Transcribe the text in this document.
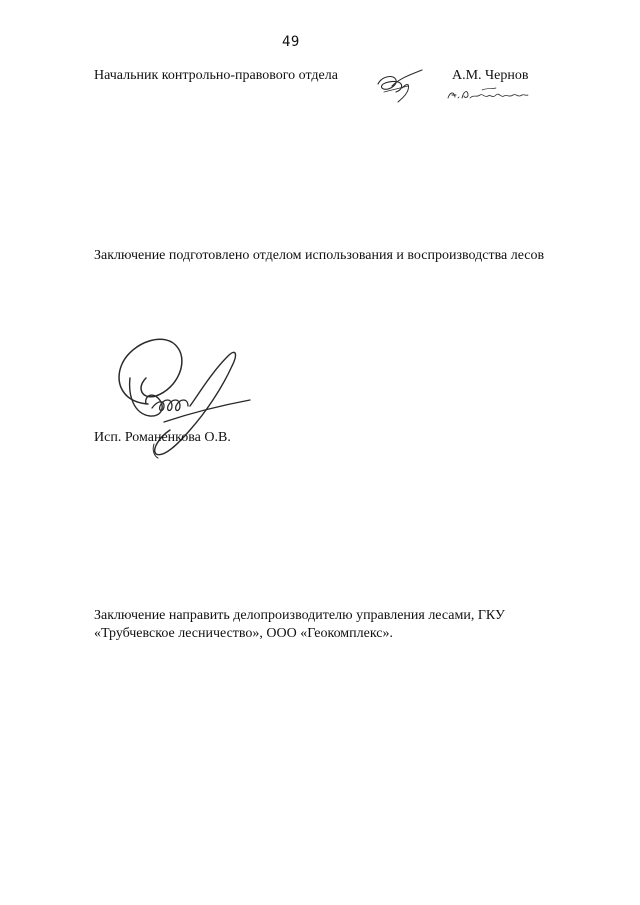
49
Начальник контрольно-правового отдела	А.М. Чернов
Заключение подготовлено отделом использования и воспроизводства лесов
Исп. Романенкова О.В.
Заключение направить делопроизводителю управления лесами, ГКУ
«Трубчевское лесничество», ООО «Геокомплекс».
